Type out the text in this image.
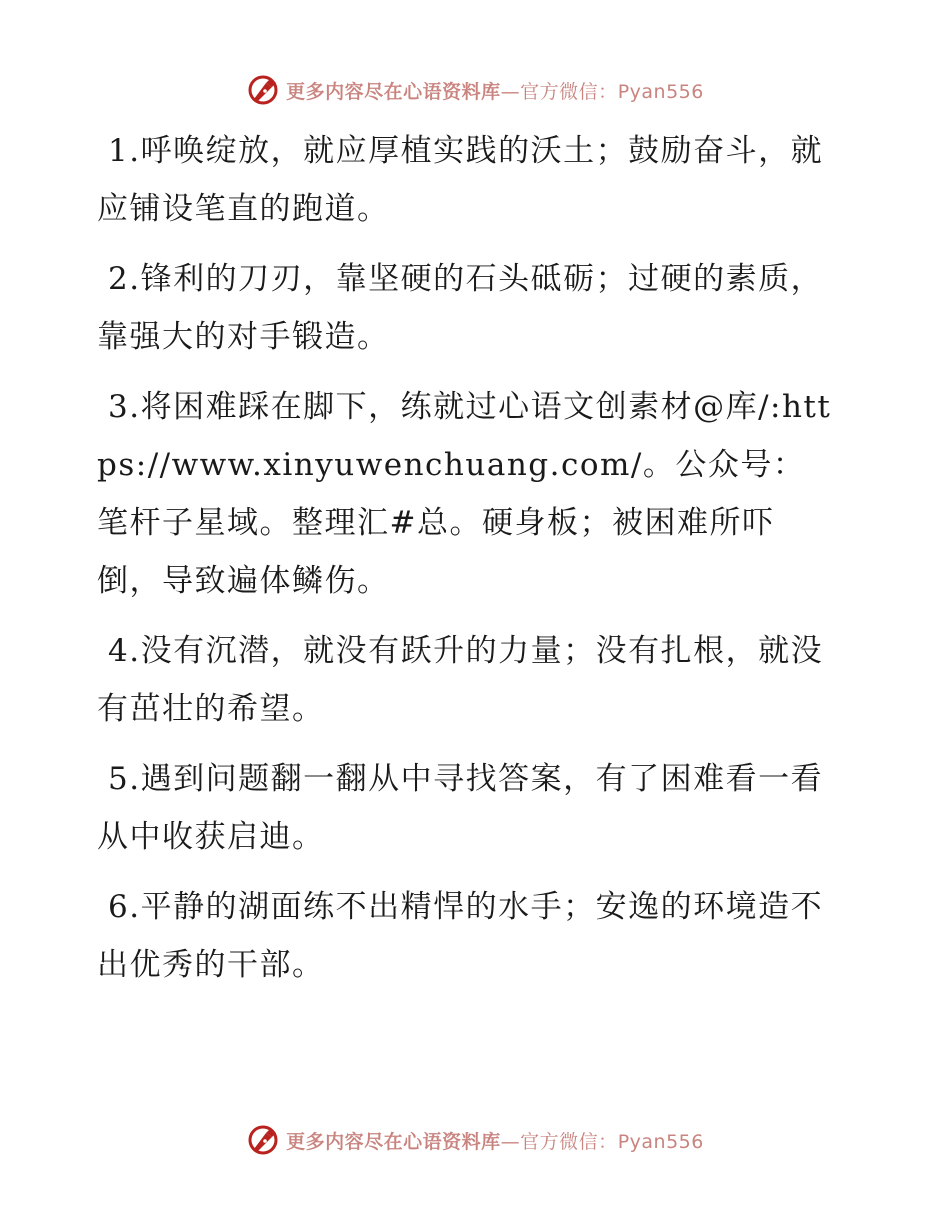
更多内容尽在心语资料库—官方微信：Pyan556

1.呼唤绽放，就应厚植实践的沃土；鼓励奋斗，就应铺设笔直的跑道。

2.锋利的刀刃，靠坚硬的石头砥砺；过硬的素质，靠强大的对手锻造。

3.将困难踩在脚下，练就过心语文创素材@库/:https://www.xinyuwenchuang.com/。公众号：笔杆子星域。整理汇#总。硬身板；被困难所吓倒，导致遍体鳞伤。

4.没有沉潜，就没有跃升的力量；没有扎根，就没有茁壮的希望。

5.遇到问题翻一翻从中寻找答案，有了困难看一看从中收获启迪。

6.平静的湖面练不出精悍的水手；安逸的环境造不出优秀的干部。

更多内容尽在心语资料库—官方微信：Pyan556
